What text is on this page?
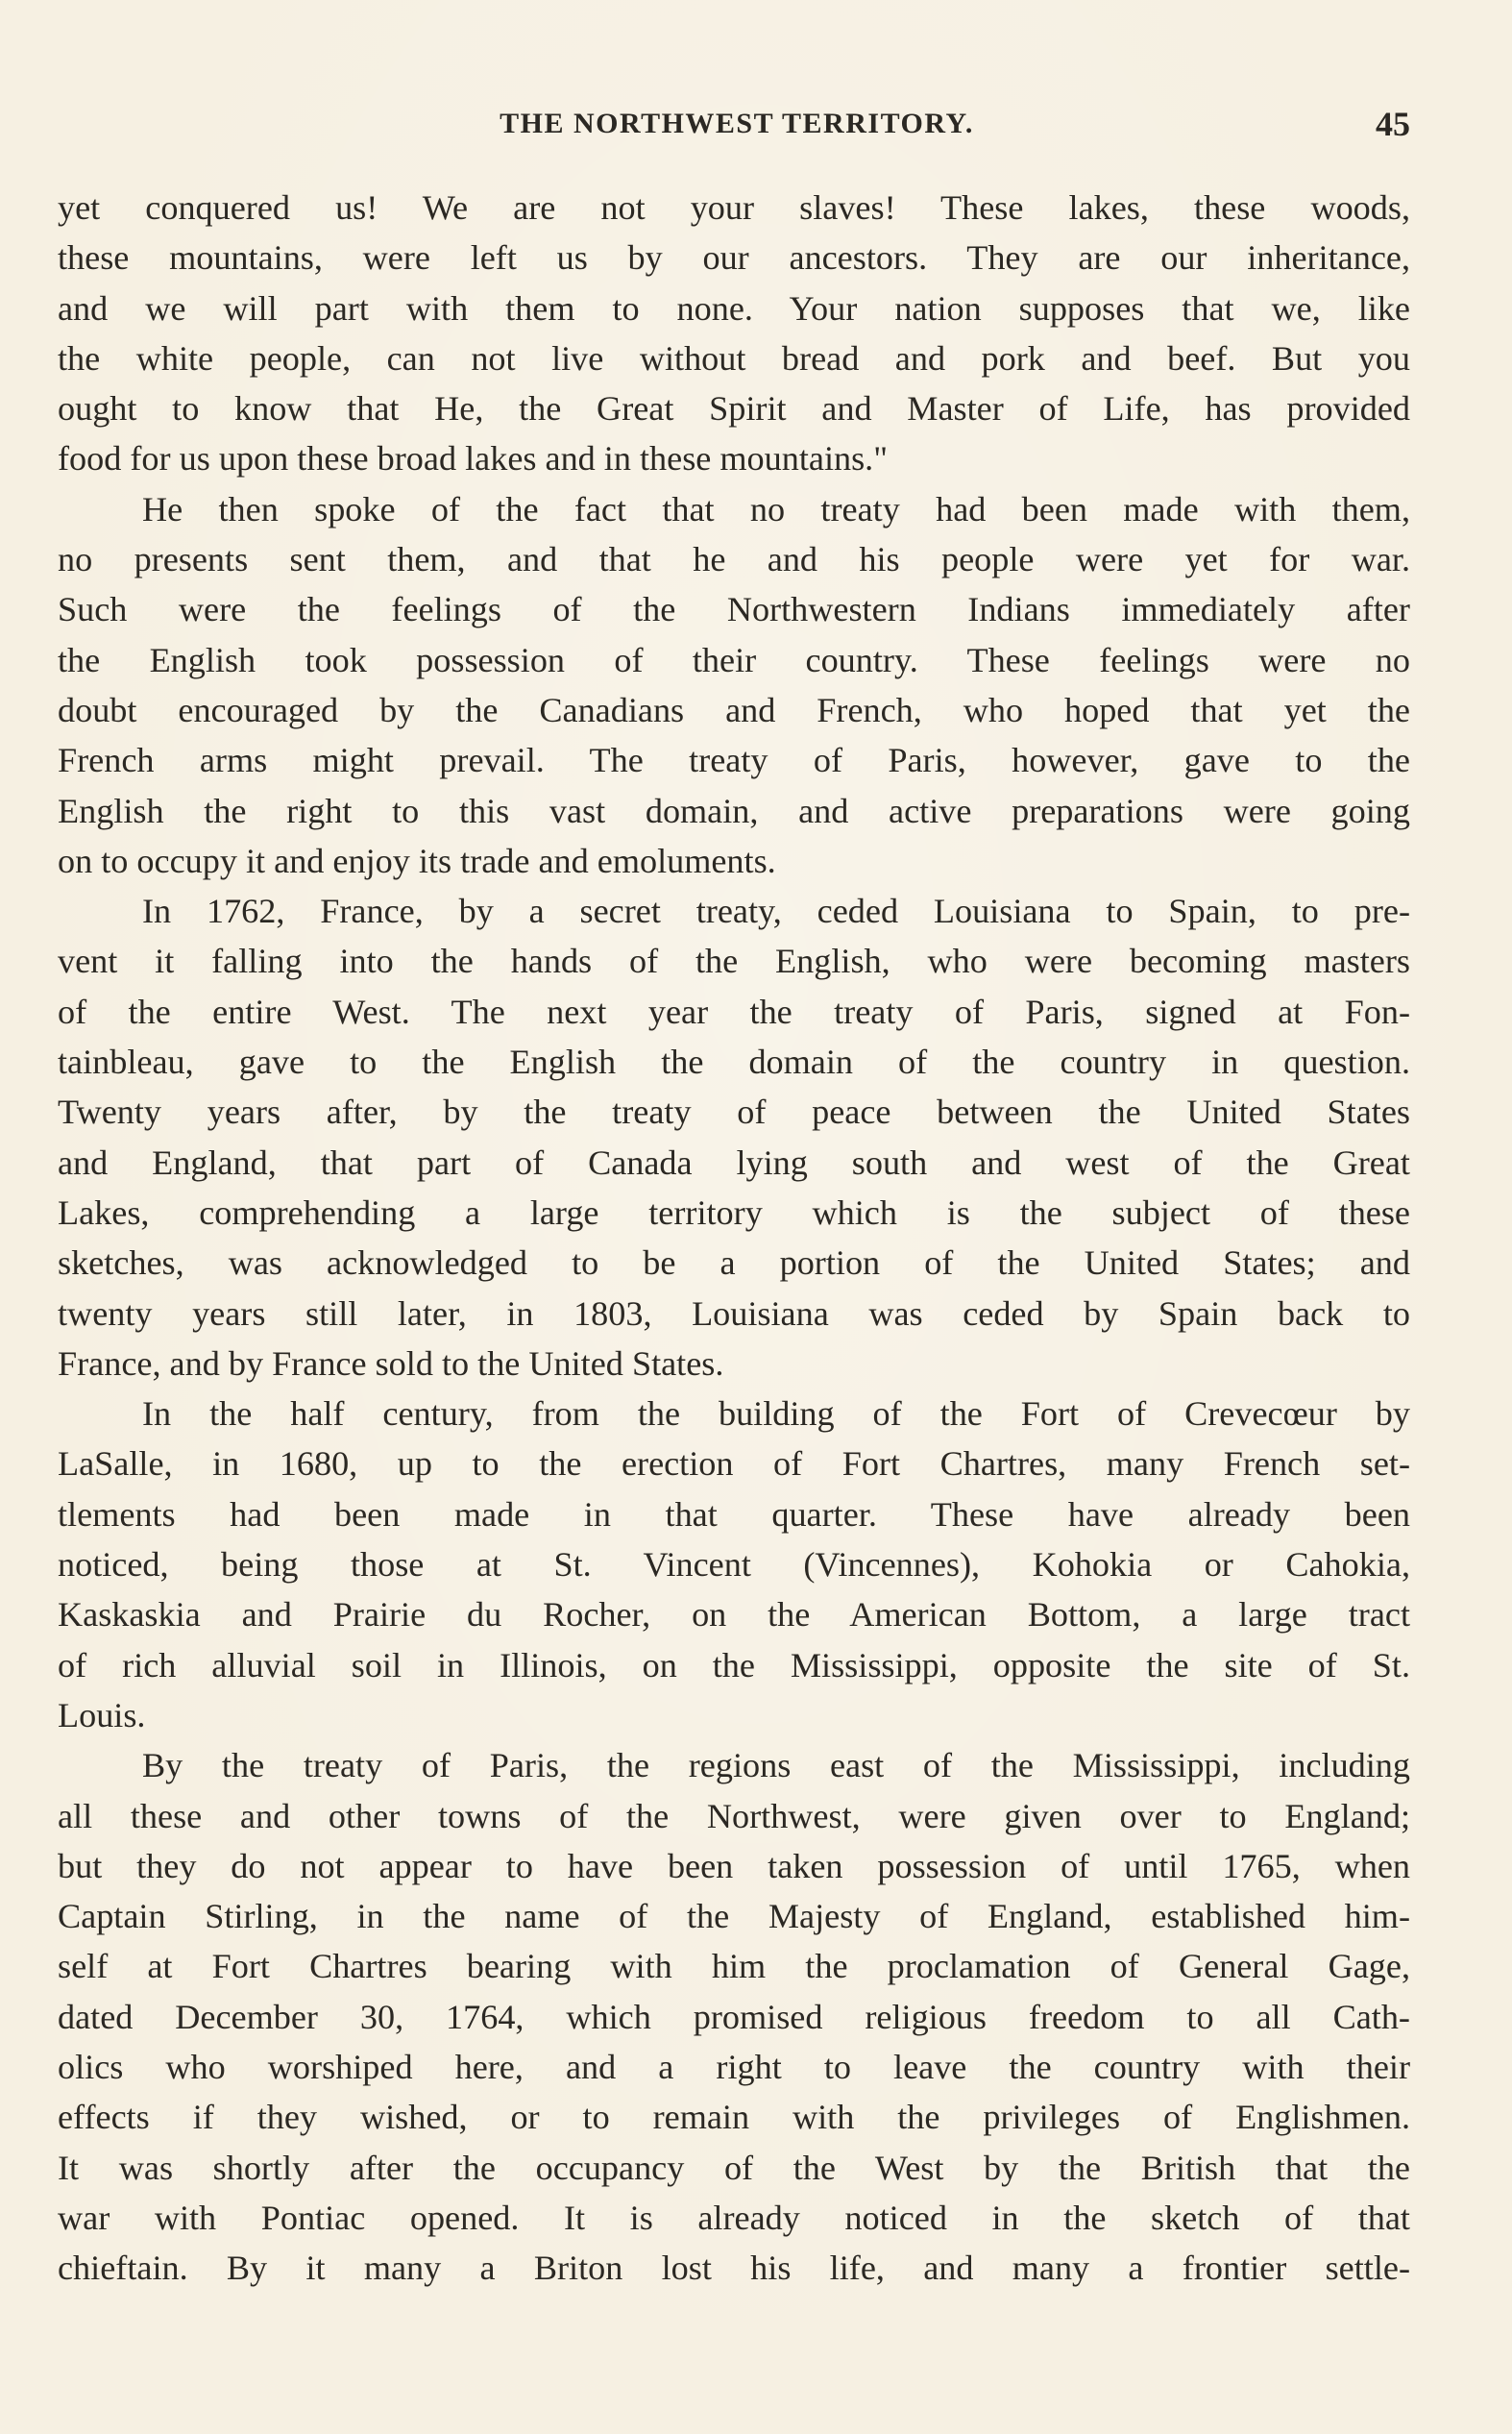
THE NORTHWEST TERRITORY.	45
yet conquered us! We are not your slaves! These lakes, these woods,
these mountains, were left us by our ancestors. They are our inheritance,
and we will part with them to none. Your nation supposes that we, like
the white people, can not live without bread and pork and beef. But you
ought to know that He, the Great Spirit and Master of Life, has provided
food for us upon these broad lakes and in these mountains."
He then spoke of the fact that no treaty had been made with them,
no presents sent them, and that he and his people were yet for war.
Such were the feelings of the Northwestern Indians immediately after
the English took possession of their country. These feelings were no
doubt encouraged by the Canadians and French, who hoped that yet the
French arms might prevail. The treaty of Paris, however, gave to the
English the right to this vast domain, and active preparations were going
on to occupy it and enjoy its trade and emoluments.
In 1762, France, by a secret treaty, ceded Louisiana to Spain, to pre-
vent it falling into the hands of the English, who were becoming masters
of the entire West. The next year the treaty of Paris, signed at Fon-
tainbleau, gave to the English the domain of the country in question.
Twenty years after, by the treaty of peace between the United States
and England, that part of Canada lying south and west of the Great
Lakes, comprehending a large territory which is the subject of these
sketches, was acknowledged to be a portion of the United States; and
twenty years still later, in 1803, Louisiana was ceded by Spain back to
France, and by France sold to the United States.
In the half century, from the building of the Fort of Crevecœur by
LaSalle, in 1680, up to the erection of Fort Chartres, many French set-
tlements had been made in that quarter. These have already been
noticed, being those at St. Vincent (Vincennes), Kohokia or Cahokia,
Kaskaskia and Prairie du Rocher, on the American Bottom, a large tract
of rich alluvial soil in Illinois, on the Mississippi, opposite the site of St.
Louis.
By the treaty of Paris, the regions east of the Mississippi, including
all these and other towns of the Northwest, were given over to England;
but they do not appear to have been taken possession of until 1765, when
Captain Stirling, in the name of the Majesty of England, established him-
self at Fort Chartres bearing with him the proclamation of General Gage,
dated December 30, 1764, which promised religious freedom to all Cath-
olics who worshiped here, and a right to leave the country with their
effects if they wished, or to remain with the privileges of Englishmen.
It was shortly after the occupancy of the West by the British that the
war with Pontiac opened. It is already noticed in the sketch of that
chieftain. By it many a Briton lost his life, and many a frontier settle-
